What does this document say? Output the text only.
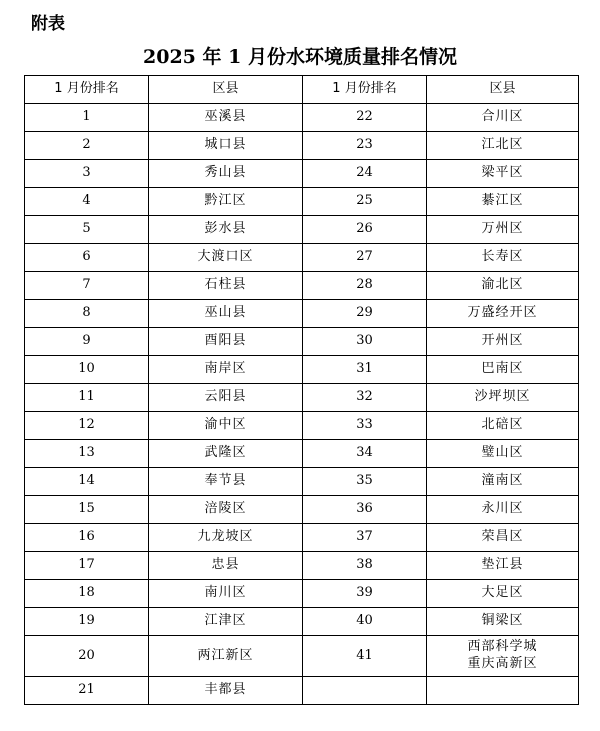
附表
2025 年 1 月份水环境质量排名情况
1 月份排名	区县	1 月份排名	区县
1	巫溪县	22	合川区
2	城口县	23	江北区
3	秀山县	24	梁平区
4	黔江区	25	綦江区
5	彭水县	26	万州区
6	大渡口区	27	长寿区
7	石柱县	28	渝北区
8	巫山县	29	万盛经开区
9	酉阳县	30	开州区
10	南岸区	31	巴南区
11	云阳县	32	沙坪坝区
12	渝中区	33	北碚区
13	武隆区	34	璧山区
14	奉节县	35	潼南区
15	涪陵区	36	永川区
16	九龙坡区	37	荣昌区
17	忠县	38	垫江县
18	南川区	39	大足区
19	江津区	40	铜梁区
20	两江新区	41	西部科学城
重庆高新区

21	丰都县		
